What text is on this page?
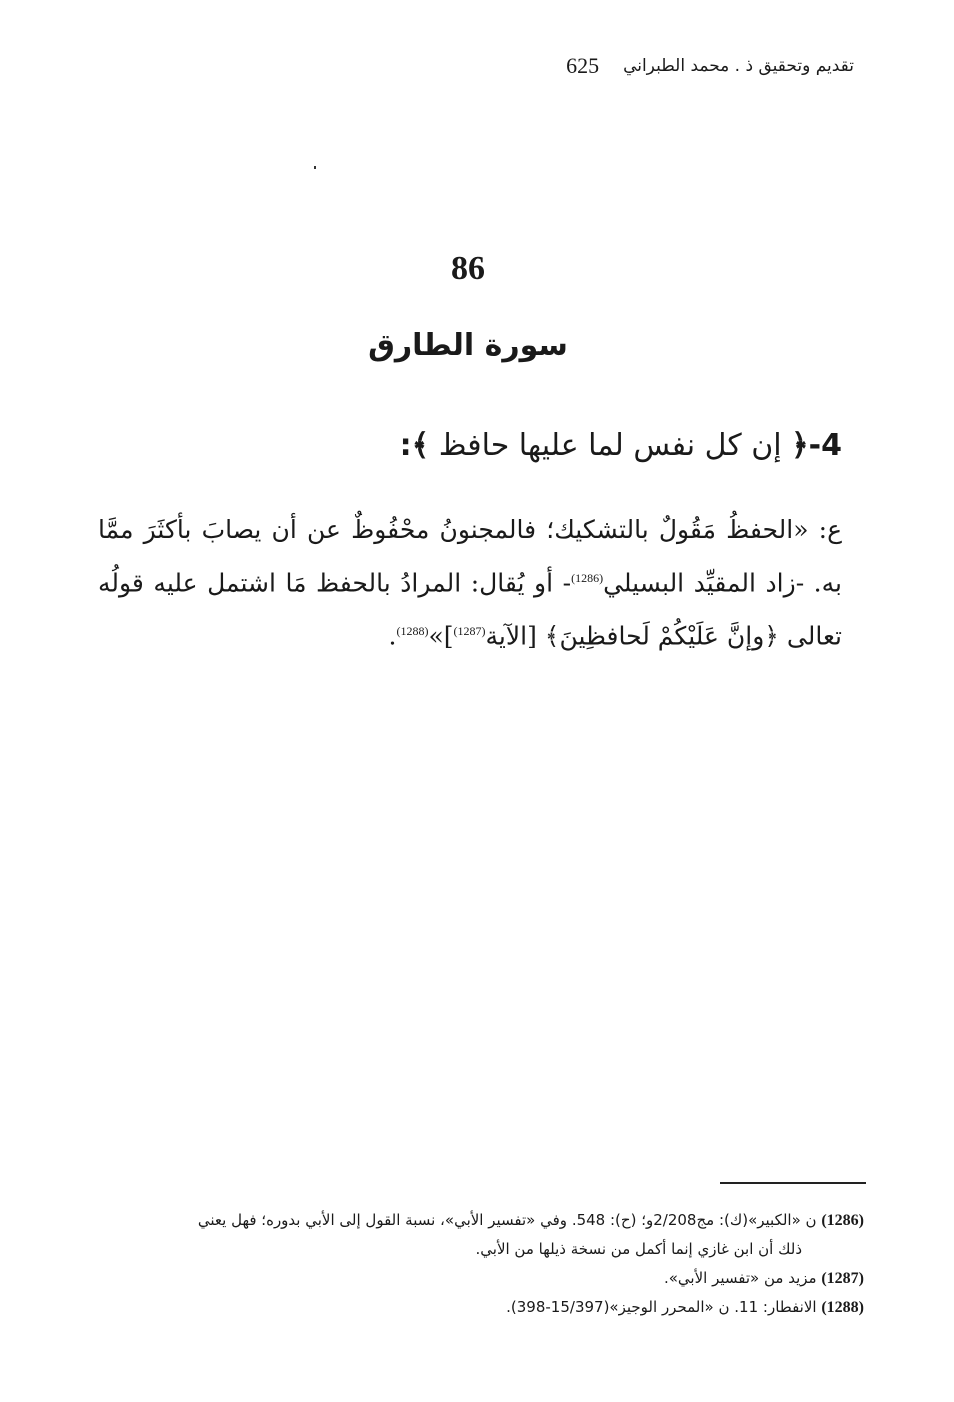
625 تقديم وتحقيق ذ . محمد الطبراني
86
سورة الطارق
4-﴿ إن كل نفس لما عليها حافظ ﴾:
ع: «الحفظُ مَقُولٌ بالتشكيك؛ فالمجنونُ محْفُوظٌ عن أن يصابَ بأكثَرَ ممَّا به. -زاد المقيِّد البسيلي$^{(1286)}$- أو يُقال: المرادُ بالحفظ مَا اشتمل عليه قولُه تعالى ﴿وإنَّ عَلَيْكُمْ لَحافظِينَ﴾ [الآية$^{(1287)}$]»$^{(1288)}$.

(1286) ن «الكبير»(ك): مج2/208و؛ (ح): 548. وفي «تفسير الأبي»، نسبة القول إلى الأبي بدوره؛ فهل يعني

ذلك أن ابن غازي إنما أكمل من نسخة ذيلها من الأبي.

(1287) مزيد من «تفسير الأبي».

(1288) الانفطار: 11. ن «المحرر الوجيز»(15/397-398).
